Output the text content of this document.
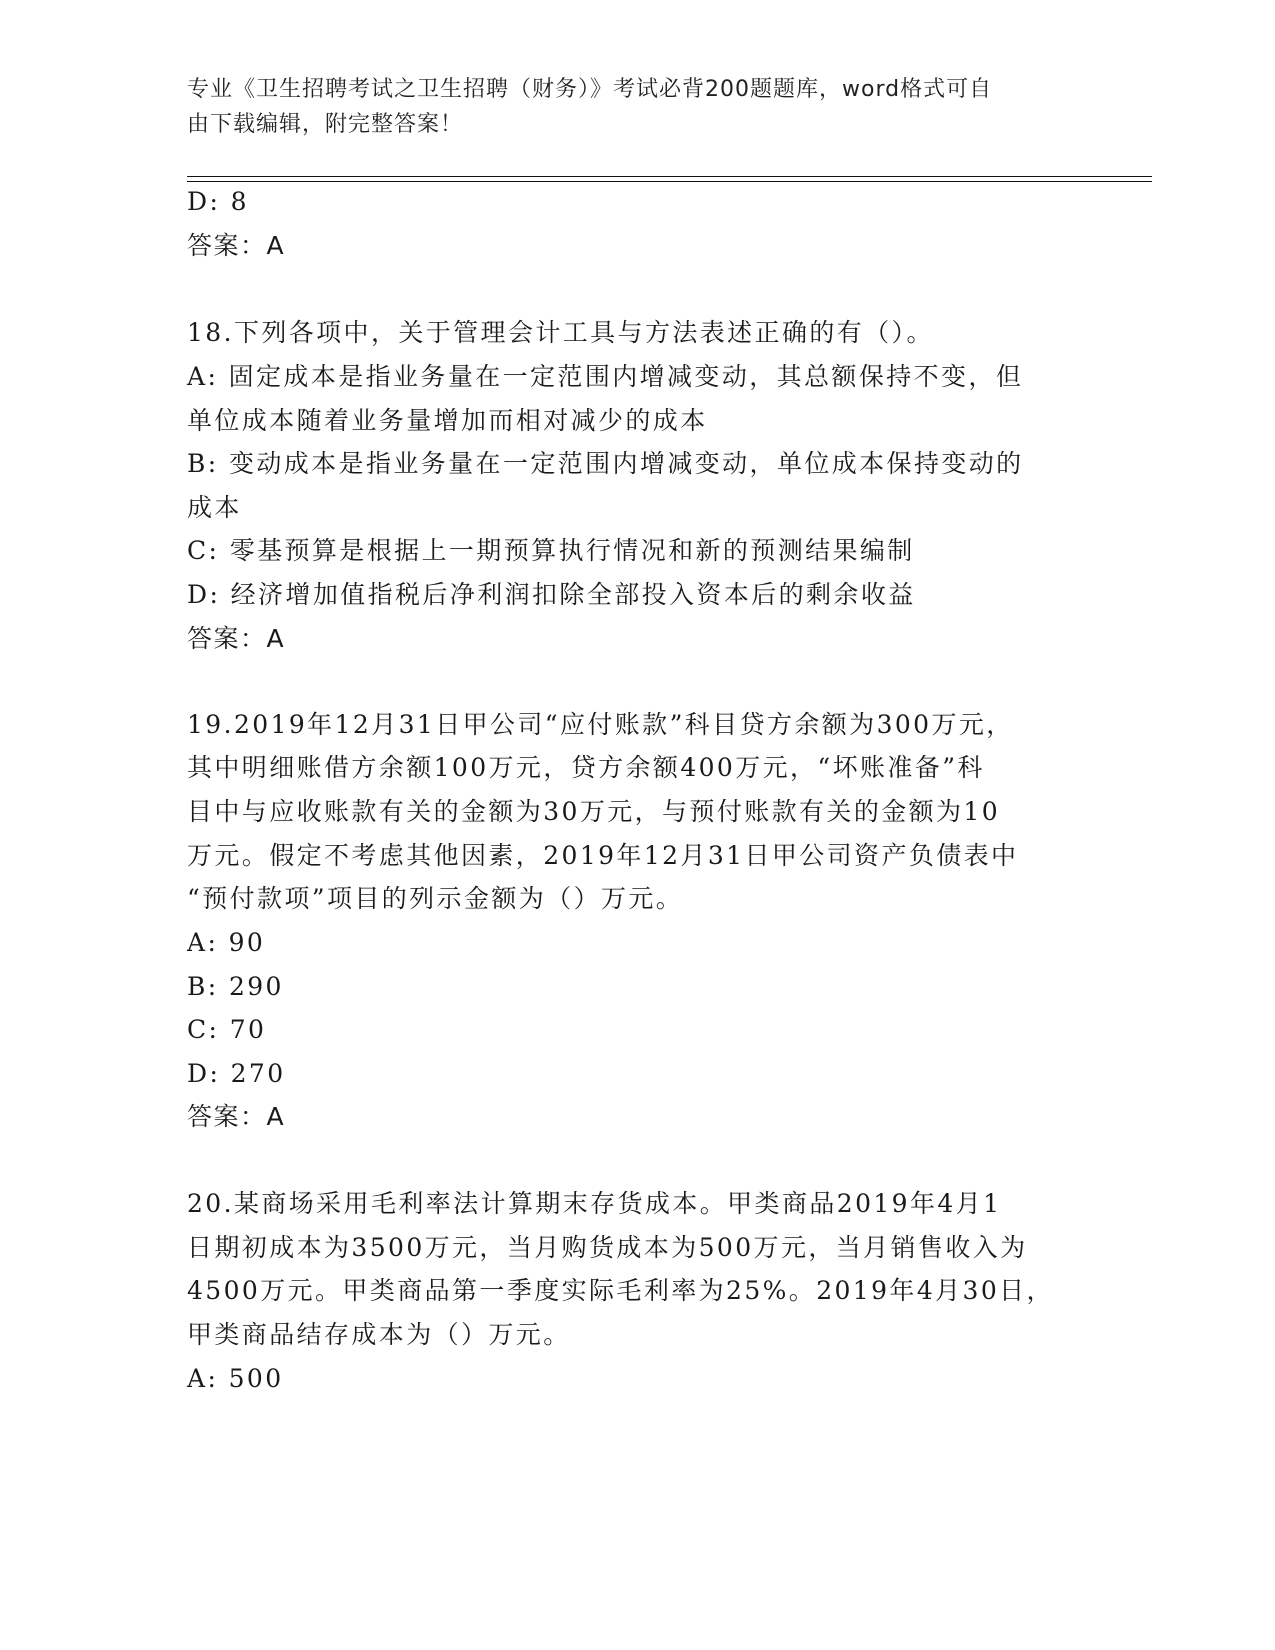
专业《卫生招聘考试之卫生招聘（财务）》考试必背200题题库，word格式可自
由下载编辑，附完整答案！
D: 8
答案：A
18.下列各项中，关于管理会计工具与方法表述正确的有（）。
A: 固定成本是指业务量在一定范围内增减变动，其总额保持不变，但
单位成本随着业务量增加而相对减少的成本
B: 变动成本是指业务量在一定范围内增减变动，单位成本保持变动的
成本
C: 零基预算是根据上一期预算执行情况和新的预测结果编制
D: 经济增加值指税后净利润扣除全部投入资本后的剩余收益
答案：A
19.2019年12月31日甲公司“应付账款”科目贷方余额为300万元，
其中明细账借方余额100万元，贷方余额400万元，“坏账准备”科
目中与应收账款有关的金额为30万元，与预付账款有关的金额为10
万元。假定不考虑其他因素，2019年12月31日甲公司资产负债表中
“预付款项”项目的列示金额为（）万元。
A: 90
B: 290
C: 70
D: 270
答案：A
20.某商场采用毛利率法计算期末存货成本。甲类商品2019年4月1
日期初成本为3500万元，当月购货成本为500万元，当月销售收入为
4500万元。甲类商品第一季度实际毛利率为25%。2019年4月30日，
甲类商品结存成本为（）万元。
A: 500
